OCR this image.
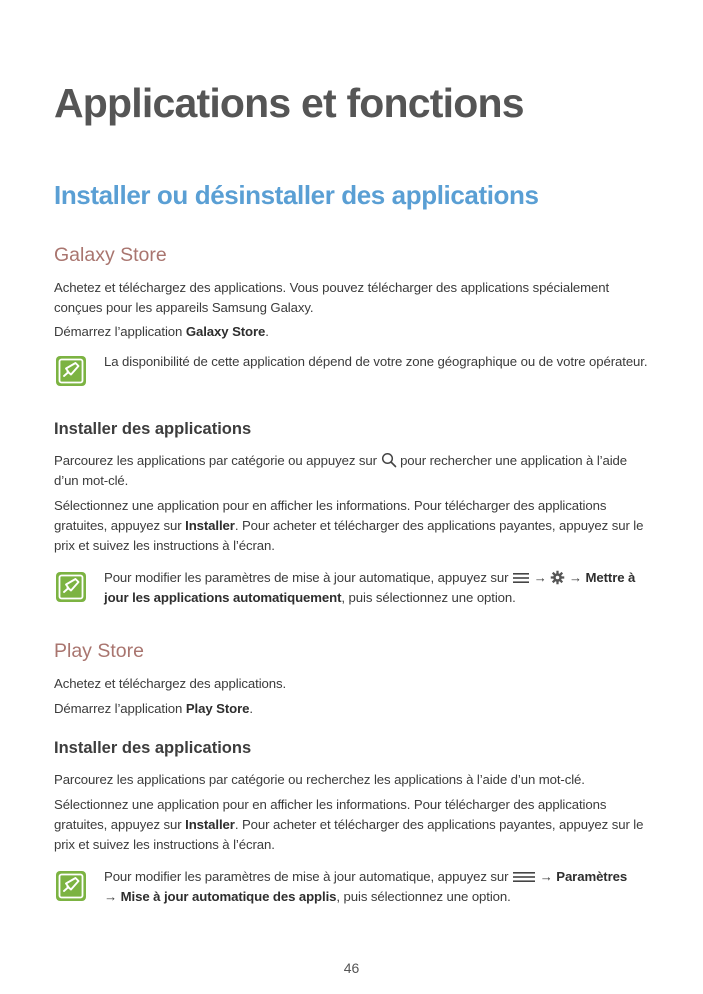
Applications et fonctions
Installer ou désinstaller des applications
Galaxy Store
Achetez et téléchargez des applications. Vous pouvez télécharger des applications spécialement conçues pour les appareils Samsung Galaxy.
Démarrez l’application Galaxy Store.
La disponibilité de cette application dépend de votre zone géographique ou de votre opérateur.
Installer des applications
Parcourez les applications par catégorie ou appuyez sur pour rechercher une application à l’aide d’un mot-clé.
Sélectionnez une application pour en afficher les informations. Pour télécharger des applications gratuites, appuyez sur Installer. Pour acheter et télécharger des applications payantes, appuyez sur le prix et suivez les instructions à l’écran.
Pour modifier les paramètres de mise à jour automatique, appuyez sur → → Mettre à jour les applications automatiquement, puis sélectionnez une option.
Play Store
Achetez et téléchargez des applications.
Démarrez l’application Play Store.
Installer des applications
Parcourez les applications par catégorie ou recherchez les applications à l’aide d’un mot-clé.
Sélectionnez une application pour en afficher les informations. Pour télécharger des applications gratuites, appuyez sur Installer. Pour acheter et télécharger des applications payantes, appuyez sur le prix et suivez les instructions à l’écran.
Pour modifier les paramètres de mise à jour automatique, appuyez sur → Paramètres
→ Mise à jour automatique des applis, puis sélectionnez une option.
46
